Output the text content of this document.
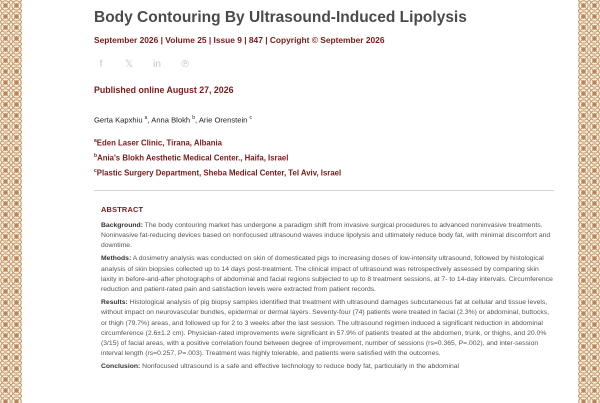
Body Contouring By Ultrasound-Induced Lipolysis
September 2026 | Volume 25 | Issue 9 | 847 | Copyright © September 2026
f	𝕏	in	℗
Published online August 27, 2026
Gerta Kapxhiu $^a$, Anna Blokh $^b$, Arie Orenstein $^c$
$^a$Eden Laser Clinic, Tirana, Albania
$^b$Ania's Blokh Aesthetic Medical Center., Haifa, Israel
$^c$Plastic Surgery Department, Sheba Medical Center, Tel Aviv, Israel
ABSTRACT

Background: The body contouring market has undergone a paradigm shift from invasive surgical procedures to advanced noninvasive treatments. Noninvasive fat-reducing devices based on nonfocused ultrasound waves induce lipolysis and ultimately reduce body fat, with minimal discomfort and downtime.

Methods: A dosimetry analysis was conducted on skin of domesticated pigs to increasing doses of low-intensity ultrasound, followed by histological analysis of skin biopsies collected up to 14 days post-treatment. The clinical impact of ultrasound was retrospectively assessed by comparing skin laxity in before-and-after photographs of abdominal and facial regions subjected to up to 8 treatment sessions, at 7- to 14-day intervals. Circumference reduction and patient-rated pain and satisfaction levels were extracted from patient records.

Results: Histological analysis of pig biopsy samples identified that treatment with ultrasound damages subcutaneous fat at cellular and tissue levels, without impact on neurovascular bundles, epidermal or dermal layers. Seventy-four (74) patients were treated in facial (2.3%) or abdominal, buttocks, or thigh (79.7%) areas, and followed up for 2 to 3 weeks after the last session. The ultrasound regimen induced a significant reduction in abdominal circumference (2.6±1.2 cm). Physician-rated improvements were significant in 57.9% of patients treated at the abdomen, trunk, or thighs, and 20.0% (3/15) of facial areas, with a positive correlation found between degree of improvement, number of sessions (rs=0.365, P=.002), and inter-session interval length (rs=0.257, P=.003). Treatment was highly tolerable, and patients were satisfied with the outcomes.

Conclusion: Nonfocused ultrasound is a safe and effective technology to reduce body fat, particularly in the abdominal
